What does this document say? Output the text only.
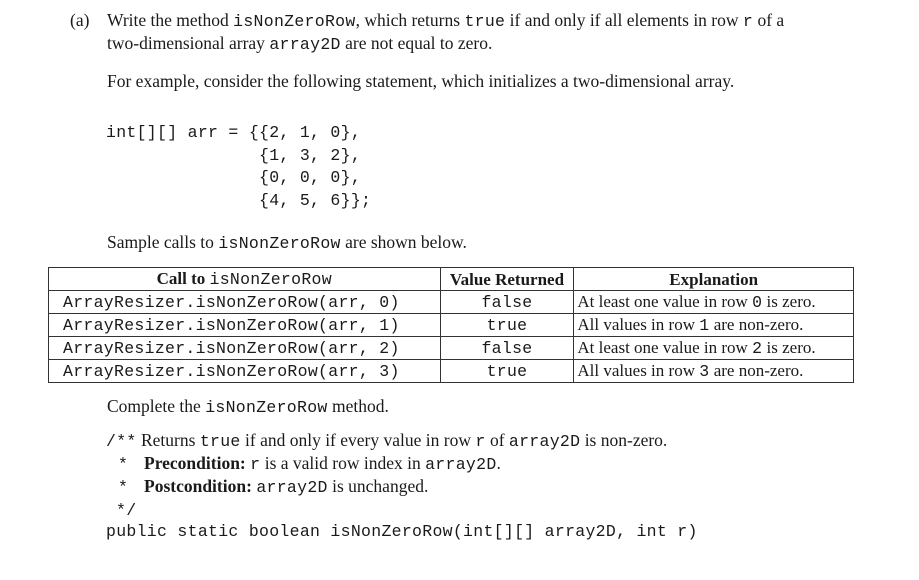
(a) Write the method isNonZeroRow, which returns true if and only if all elements in row r of a
two-dimensional array array2D are not equal to zero.
For example, consider the following statement, which initializes a two-dimensional array.
int[][] arr = {{2, 1, 0},
{1, 3, 2},
{0, 0, 0},
{4, 5, 6}};
Sample calls to isNonZeroRow are shown below.
Call to isNonZeroRow	Value Returned	Explanation
ArrayResizer.isNonZeroRow(arr, 0)	false	At least one value in row 0 is zero.
ArrayResizer.isNonZeroRow(arr, 1)	true	All values in row 1 are non-zero.
ArrayResizer.isNonZeroRow(arr, 2)	false	At least one value in row 2 is zero.
ArrayResizer.isNonZeroRow(arr, 3)	true	All values in row 3 are non-zero.
Complete the isNonZeroRow method.
/** Returns true if and only if every value in row r of array2D is non-zero.
* Precondition: r is a valid row index in array2D.
* Postcondition: array2D is unchanged.
*/
public static boolean isNonZeroRow(int[][] array2D, int r)
